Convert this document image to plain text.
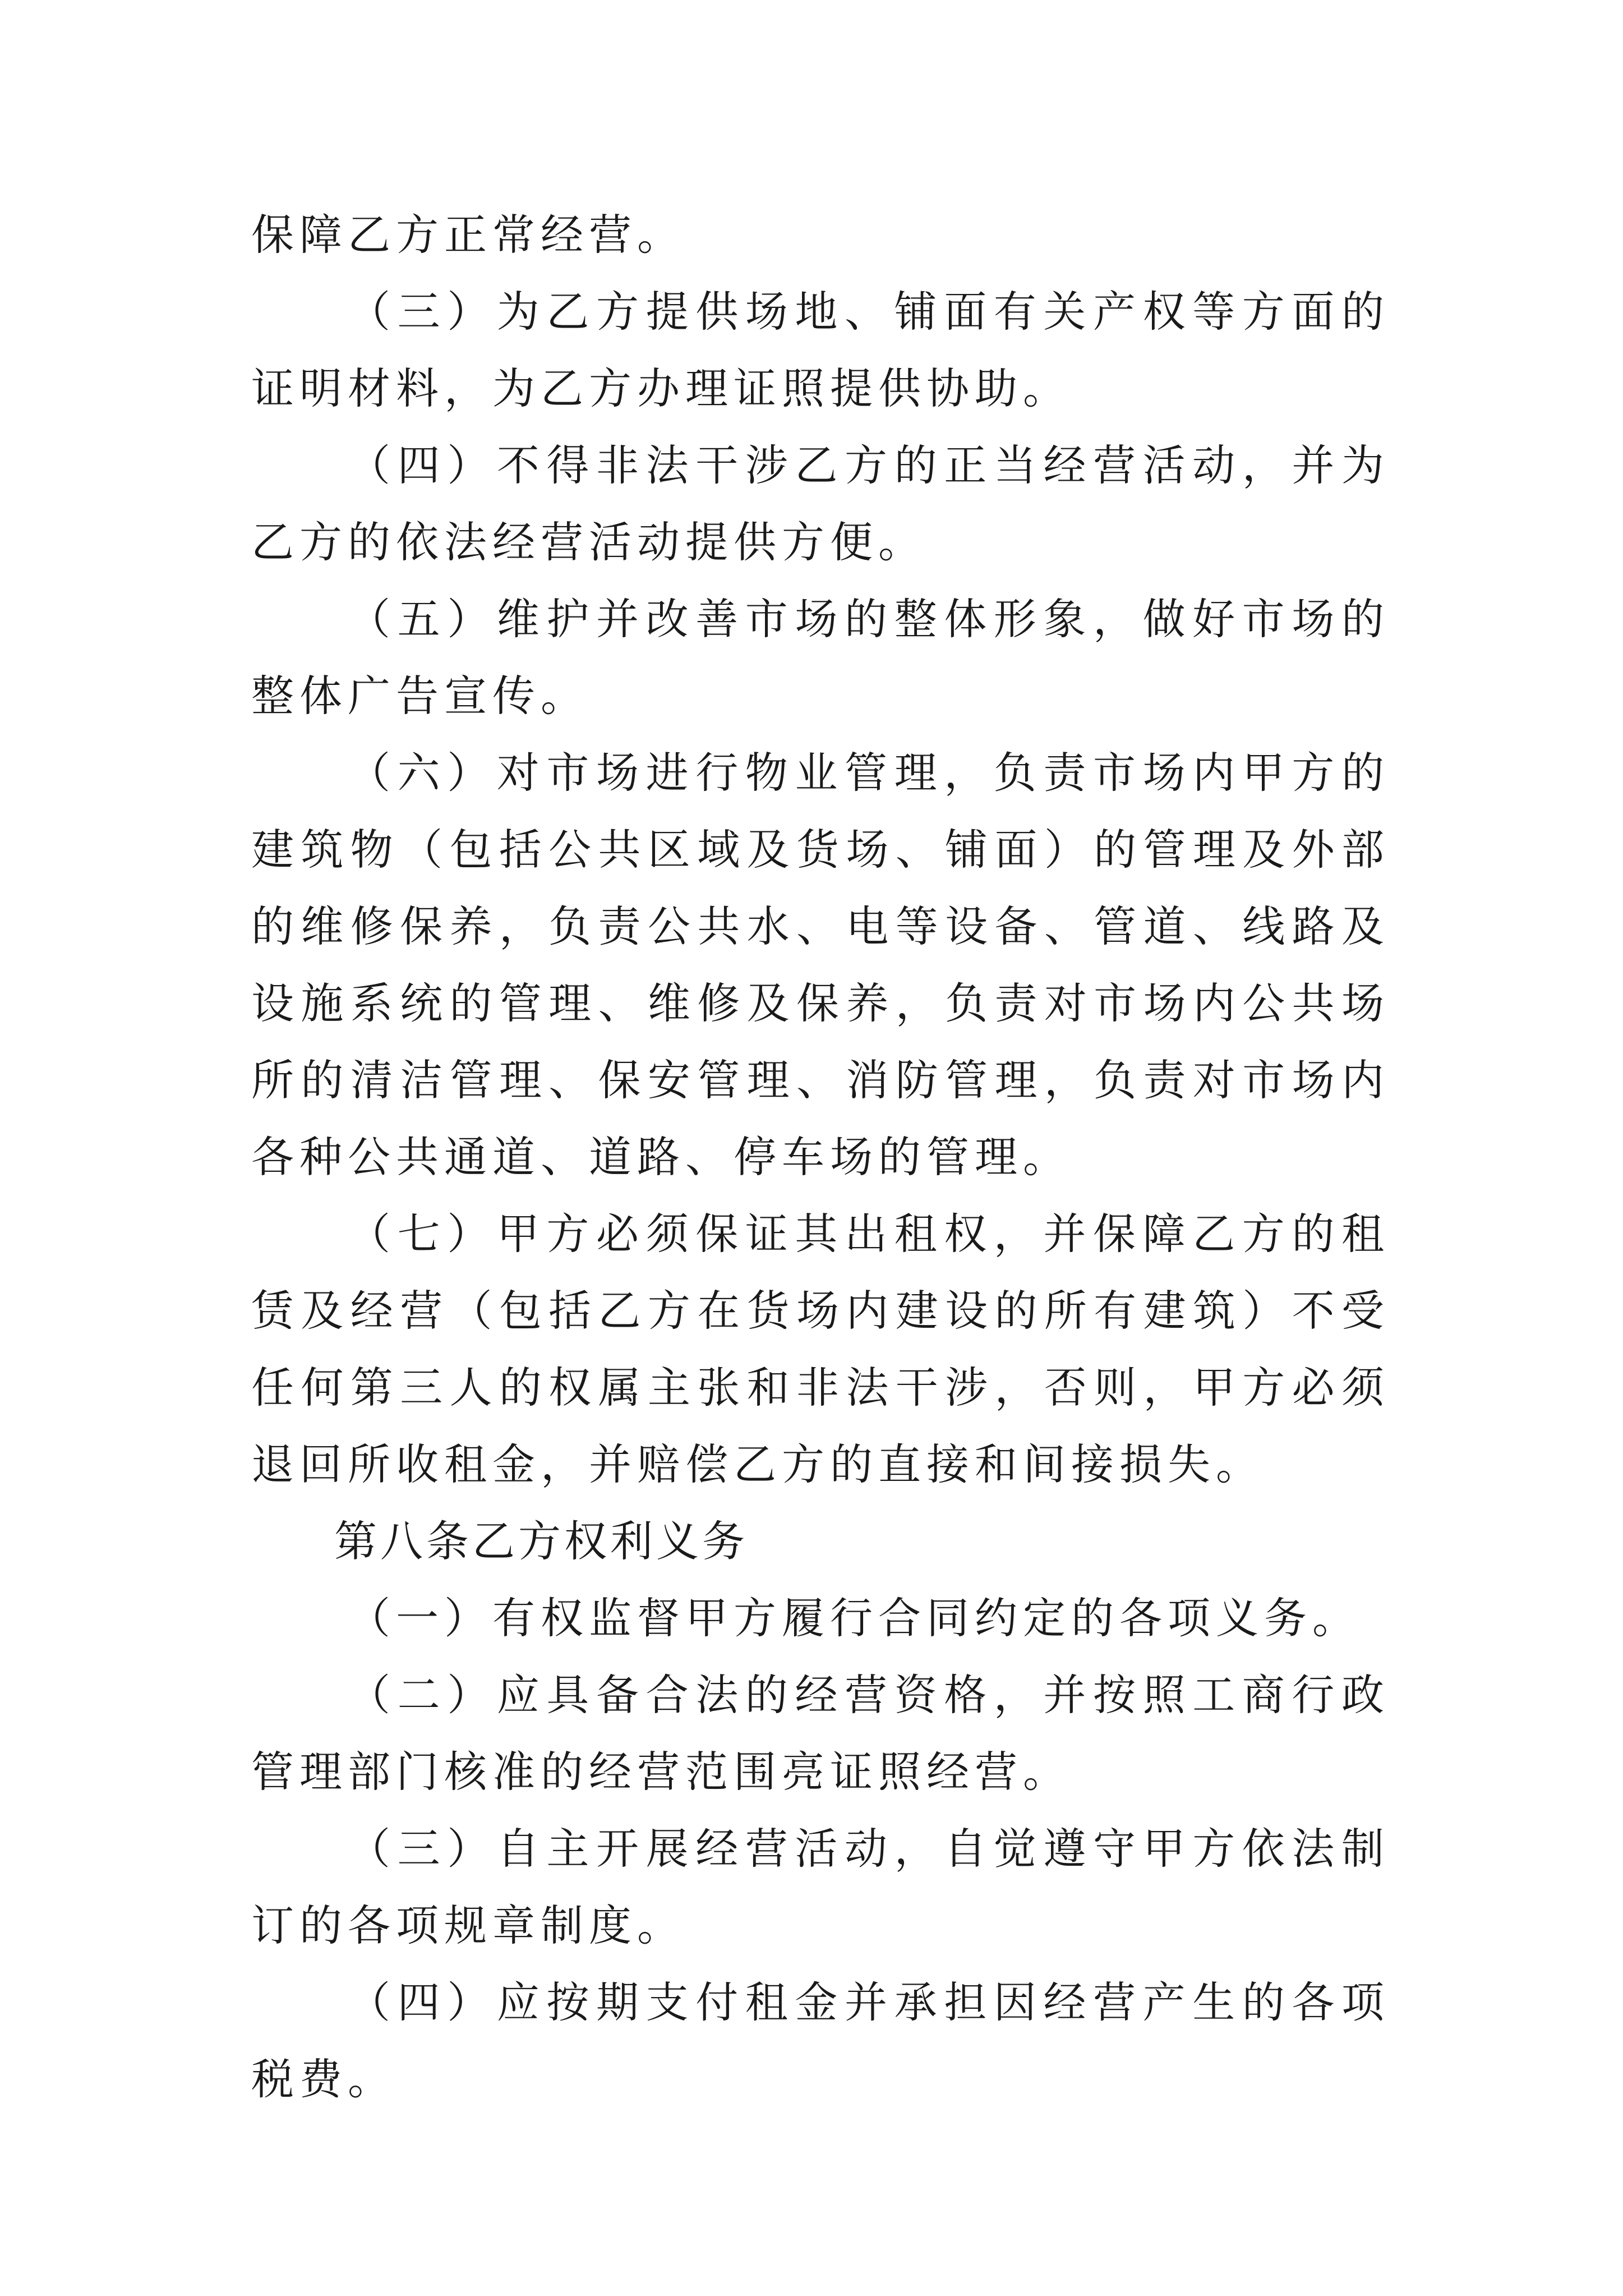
保障乙方正常经营。

（三）为乙方提供场地、铺面有关产权等方面的证明材料，为乙方办理证照提供协助。

（四）不得非法干涉乙方的正当经营活动，并为乙方的依法经营活动提供方便。

（五）维护并改善市场的整体形象，做好市场的整体广告宣传。

（六）对市场进行物业管理，负责市场内甲方的建筑物（包括公共区域及货场、铺面）的管理及外部的维修保养，负责公共水、电等设备、管道、线路及设施系统的管理、维修及保养，负责对市场内公共场所的清洁管理、保安管理、消防管理，负责对市场内各种公共通道、道路、停车场的管理。

（七）甲方必须保证其出租权，并保障乙方的租赁及经营（包括乙方在货场内建设的所有建筑）不受任何第三人的权属主张和非法干涉，否则，甲方必须退回所收租金，并赔偿乙方的直接和间接损失。

第八条乙方权利义务

（一）有权监督甲方履行合同约定的各项义务。

（二）应具备合法的经营资格，并按照工商行政管理部门核准的经营范围亮证照经营。

（三）自主开展经营活动，自觉遵守甲方依法制订的各项规章制度。

（四）应按期支付租金并承担因经营产生的各项税费。
